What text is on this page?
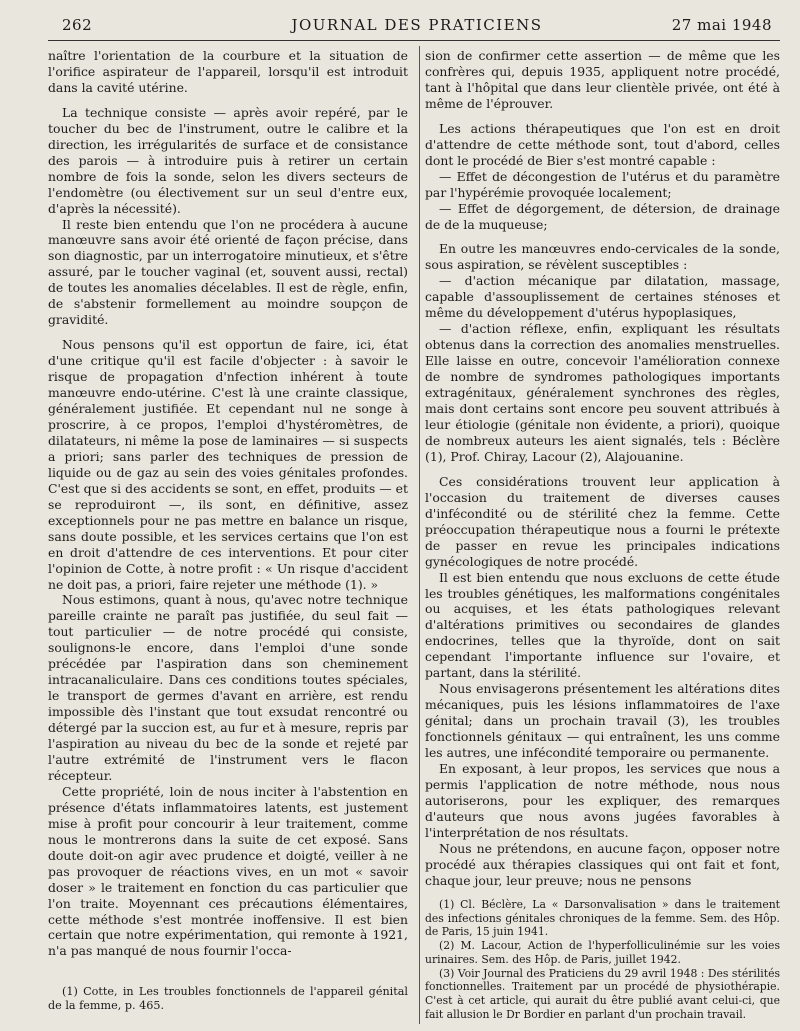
262	JOURNAL DES PRATICIENS	27 mai 1948

naître l'orientation de la courbure et la situation de l'orifice aspirateur de l'appareil, lorsqu'il est introduit dans la cavité utérine.

La technique consiste — après avoir repéré, par le toucher du bec de l'instrument, outre le calibre et la direction, les irrégularités de surface et de consistance des parois — à introduire puis à retirer un certain nombre de fois la sonde, selon les divers secteurs de l'endomètre (ou électivement sur un seul d'entre eux, d'après la nécessité).

Il reste bien entendu que l'on ne procédera à aucune manœuvre sans avoir été orienté de façon précise, dans son diagnostic, par un interrogatoire minutieux, et s'être assuré, par le toucher vaginal (et, souvent aussi, rectal) de toutes les anomalies décelables. Il est de règle, enfin, de s'abstenir formellement au moindre soupçon de gravidité.

Nous pensons qu'il est opportun de faire, ici, état d'une critique qu'il est facile d'objecter : à savoir le risque de propagation d'nfection inhérent à toute manœuvre endo-utérine. C'est là une crainte classique, généralement justifiée. Et cependant nul ne songe à proscrire, à ce propos, l'emploi d'hystéromètres, de dilatateurs, ni même la pose de laminaires — si suspects a priori; sans parler des techniques de pression de liquide ou de gaz au sein des voies génitales profondes. C'est que si des accidents se sont, en effet, produits — et se reproduiront —, ils sont, en définitive, assez exceptionnels pour ne pas mettre en balance un risque, sans doute possible, et les services certains que l'on est en droit d'attendre de ces interventions. Et pour citer l'opinion de Cotte, à notre profit : « Un risque d'accident ne doit pas, a priori, faire rejeter une méthode (1). »

Nous estimons, quant à nous, qu'avec notre technique pareille crainte ne paraît pas justifiée, du seul fait — tout particulier — de notre procédé qui consiste, soulignons-le encore, dans l'emploi d'une sonde précédée par l'aspiration dans son cheminement intracanaliculaire. Dans ces conditions toutes spéciales, le transport de germes d'avant en arrière, est rendu impossible dès l'instant que tout exsudat rencontré ou détergé par la succion est, au fur et à mesure, repris par l'aspiration au niveau du bec de la sonde et rejeté par l'autre extrémité de l'instrument vers le flacon récepteur.

Cette propriété, loin de nous inciter à l'abstention en présence d'états inflammatoires latents, est justement mise à profit pour concourir à leur traitement, comme nous le montrerons dans la suite de cet exposé. Sans doute doit-on agir avec prudence et doigté, veiller à ne pas provoquer de réactions vives, en un mot « savoir doser » le traitement en fonction du cas particulier que l'on traite. Moyennant ces précautions élémentaires, cette méthode s'est montrée inoffensive. Il est bien certain que notre expérimentation, qui remonte à 1921, n'a pas manqué de nous fournir l'occa-

(1) Cotte, in Les troubles fonctionnels de l'appareil génital de la femme, p. 465.

sion de confirmer cette assertion — de même que les confrères qui, depuis 1935, appliquent notre procédé, tant à l'hôpital que dans leur clientèle privée, ont été à même de l'éprouver.

Les actions thérapeutiques que l'on est en droit d'attendre de cette méthode sont, tout d'abord, celles dont le procédé de Bier s'est montré capable :

— Effet de décongestion de l'utérus et du paramètre par l'hypérémie provoquée localement;

— Effet de dégorgement, de détersion, de drainage de de la muqueuse;

En outre les manœuvres endo-cervicales de la sonde, sous aspiration, se révèlent susceptibles :

— d'action mécanique par dilatation, massage, capable d'assouplissement de certaines sténoses et même du développement d'utérus hypoplasiques,

— d'action réflexe, enfin, expliquant les résultats obtenus dans la correction des anomalies menstruelles. Elle laisse en outre, concevoir l'amélioration connexe de nombre de syndromes pathologiques importants extragénitaux, généralement synchrones des règles, mais dont certains sont encore peu souvent attribués à leur étiologie (génitale non évidente, a priori), quoique de nombreux auteurs les aient signalés, tels : Béclère (1), Prof. Chiray, Lacour (2), Alajouanine.

Ces considérations trouvent leur application à l'occasion du traitement de diverses causes d'infécondité ou de stérilité chez la femme. Cette préoccupation thérapeutique nous a fourni le prétexte de passer en revue les principales indications gynécologiques de notre procédé.

Il est bien entendu que nous excluons de cette étude les troubles génétiques, les malformations congénitales ou acquises, et les états pathologiques relevant d'altérations primitives ou secondaires de glandes endocrines, telles que la thyroïde, dont on sait cependant l'importante influence sur l'ovaire, et partant, dans la stérilité.

Nous envisagerons présentement les altérations dites mécaniques, puis les lésions inflammatoires de l'axe génital; dans un prochain travail (3), les troubles fonctionnels génitaux — qui entraînent, les uns comme les autres, une infécondité temporaire ou permanente.

En exposant, à leur propos, les services que nous a permis l'application de notre méthode, nous nous autoriserons, pour les expliquer, des remarques d'auteurs que nous avons jugées favorables à l'interprétation de nos résultats.

Nous ne prétendons, en aucune façon, opposer notre procédé aux thérapies classiques qui ont fait et font, chaque jour, leur preuve; nous ne pensons

(1) Cl. Béclère, La « Darsonvalisation » dans le traitement des infections génitales chroniques de la femme. Sem. des Hôp. de Paris, 15 juin 1941.

(2) M. Lacour, Action de l'hyperfolliculinémie sur les voies urinaires. Sem. des Hôp. de Paris, juillet 1942.

(3) Voir Journal des Praticiens du 29 avril 1948 : Des stérilités fonctionnelles. Traitement par un procédé de physiothérapie. C'est à cet article, qui aurait du être publié avant celui-ci, que fait allusion le Dr Bordier en parlant d'un prochain travail.
